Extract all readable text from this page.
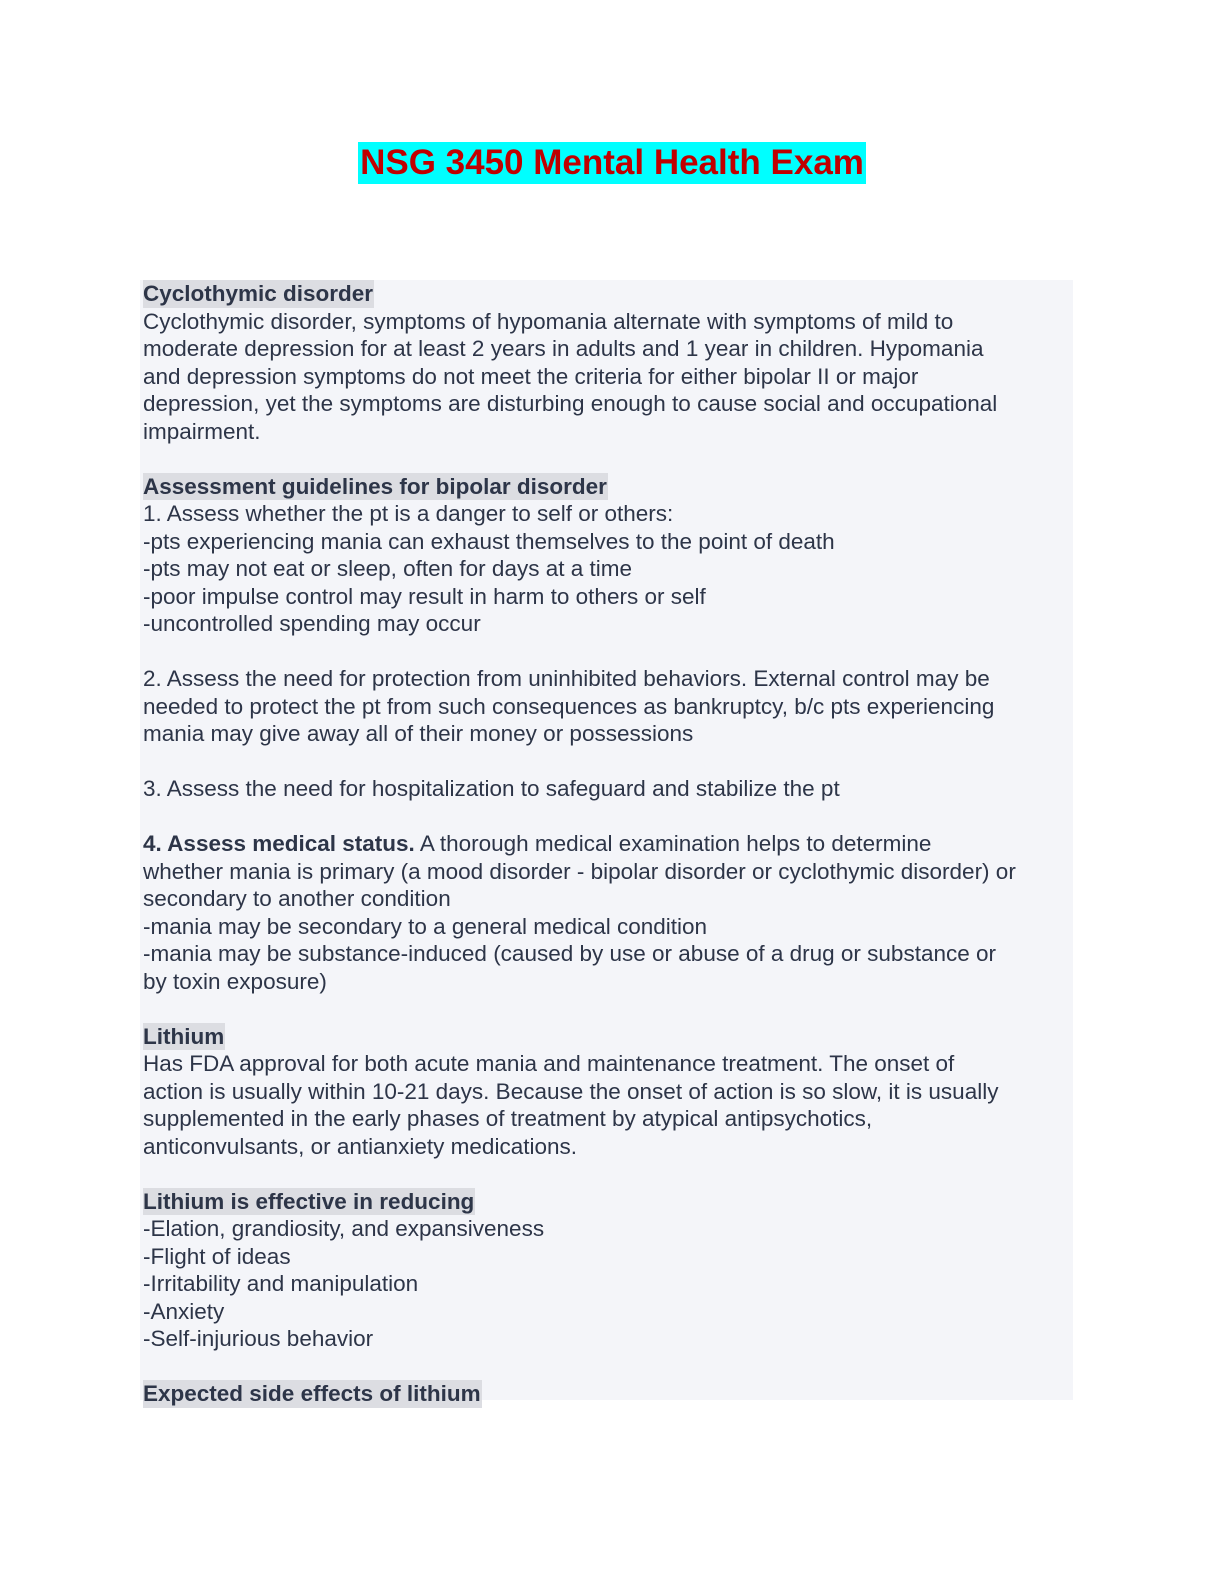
NSG 3450 Mental Health Exam
Cyclothymic disorder
Cyclothymic disorder, symptoms of hypomania alternate with symptoms of mild to
moderate depression for at least 2 years in adults and 1 year in children. Hypomania
and depression symptoms do not meet the criteria for either bipolar II or major
depression, yet the symptoms are disturbing enough to cause social and occupational
impairment.
Assessment guidelines for bipolar disorder
1. Assess whether the pt is a danger to self or others:
-pts experiencing mania can exhaust themselves to the point of death
-pts may not eat or sleep, often for days at a time
-poor impulse control may result in harm to others or self
-uncontrolled spending may occur
2. Assess the need for protection from uninhibited behaviors. External control may be
needed to protect the pt from such consequences as bankruptcy, b/c pts experiencing
mania may give away all of their money or possessions
3. Assess the need for hospitalization to safeguard and stabilize the pt
4. Assess medical status. A thorough medical examination helps to determine
whether mania is primary (a mood disorder - bipolar disorder or cyclothymic disorder) or
secondary to another condition
-mania may be secondary to a general medical condition
-mania may be substance-induced (caused by use or abuse of a drug or substance or
by toxin exposure)
Lithium
Has FDA approval for both acute mania and maintenance treatment. The onset of
action is usually within 10-21 days. Because the onset of action is so slow, it is usually
supplemented in the early phases of treatment by atypical antipsychotics,
anticonvulsants, or antianxiety medications.
Lithium is effective in reducing
-Elation, grandiosity, and expansiveness
-Flight of ideas
-Irritability and manipulation
-Anxiety
-Self-injurious behavior
Expected side effects of lithium
